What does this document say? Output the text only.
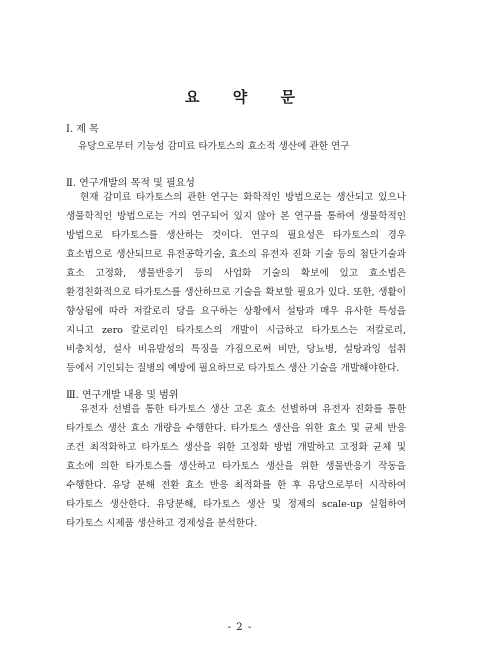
요 약 문
Ⅰ. 제 목
유당으로부터 기능성 감미료 타가토스의 효소적 생산에 관한 연구
Ⅱ. 연구개발의 목적 및 필요성
현재 감미료 타가토스의 관한 연구는 화학적인 방법으로는 생산되고 있으나 생물학적인 방법으로는 거의 연구되어 있지 않아 본 연구를 통하여 생물학적인 방법으로 타가토스를 생산하는 것이다. 연구의 필요성은 타가토스의 경우 효소법으로 생산되므로 유전공학기술, 효소의 유전자 진화 기술 등의 첨단기술과 효소 고정화, 생물반응기 등의 사업화 기술의 확보에 있고 효소법은 환경친화적으로 타가토스를 생산하므로 기술을 확보할 필요가 있다. 또한, 생활이 향상됨에 따라 저칼로리 당을 요구하는 상황에서 설탕과 매우 유사한 특성을 지니고 zero 칼로리인 타가토스의 개발이 시급하고 타가토스는 저칼로리, 비충치성, 설사 비유발성의 특징을 가짐으로써 비만, 당뇨병, 설탕과잉 섭취 등에서 기인되는 질병의 예방에 필요하므로 타가토스 생산 기술을 개발해야한다.
Ⅲ. 연구개발 내용 및 범위
유전자 선별을 통한 타가토스 생산 고온 효소 선별하며 유전자 진화를 통한 타가토스 생산 효소 개량을 수행한다. 타가토스 생산을 위한 효소 및 균체 반응 조건 최적화하고 타가토스 생산을 위한 고정화 방법 개발하고 고정화 균체 및 효소에 의한 타가토스를 생산하고 타가토스 생산을 위한 생물반응기 작동을 수행한다. 유당 분해 전환 효소 반응 최적화를 한 후 유당으로부터 시작하여 타가토스 생산한다. 유당분해, 타가토스 생산 및 정제의 scale-up 실험하여 타가토스 시제품 생산하고 경제성을 분석한다.
- 2 -
